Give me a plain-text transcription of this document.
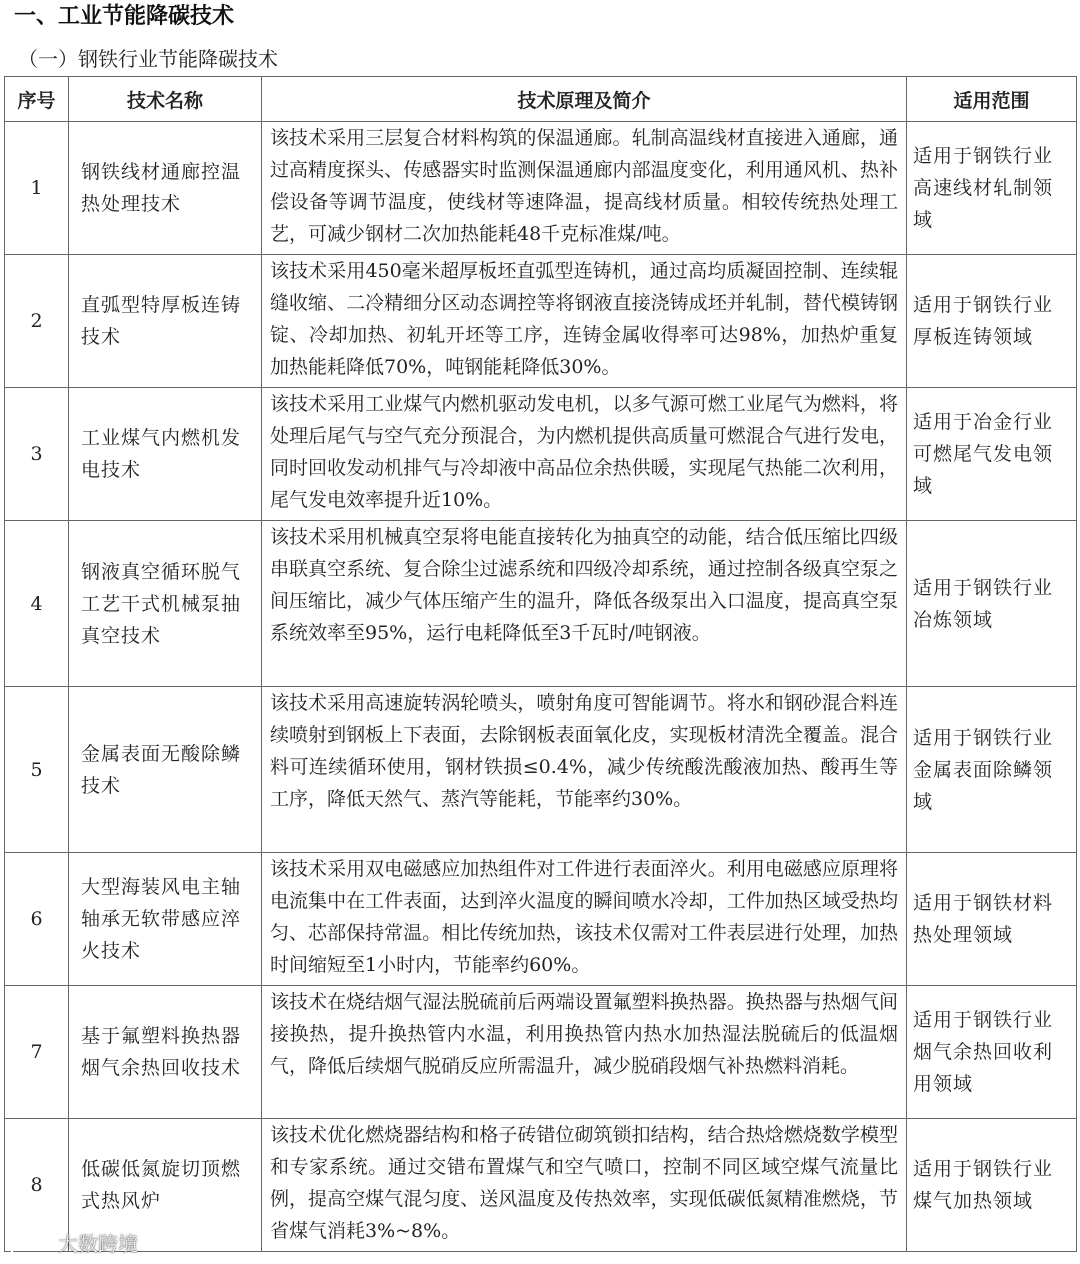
一、工业节能降碳技术
（一）钢铁行业节能降碳技术
序号	技术名称	技术原理及简介	适用范围
1	钢铁线材通廊控温热处理技术	该技术采用三层复合材料构筑的保温通廊。轧制高温线材直接进入通廊，通过高精度探头、传感器实时监测保温通廊内部温度变化，利用通风机、热补偿设备等调节温度，使线材等速降温，提高线材质量。相较传统热处理工艺，可减少钢材二次加热能耗48千克标准煤/吨。	适用于钢铁行业高速线材轧制领域
2	直弧型特厚板连铸技术	该技术采用450毫米超厚板坯直弧型连铸机，通过高均质凝固控制、连续辊缝收缩、二冷精细分区动态调控等将钢液直接浇铸成坯并轧制，替代模铸钢锭、冷却加热、初轧开坯等工序，连铸金属收得率可达98%，加热炉重复加热能耗降低70%，吨钢能耗降低30%。	适用于钢铁行业厚板连铸领域
3	工业煤气内燃机发电技术	该技术采用工业煤气内燃机驱动发电机，以多气源可燃工业尾气为燃料，将处理后尾气与空气充分预混合，为内燃机提供高质量可燃混合气进行发电，同时回收发动机排气与冷却液中高品位余热供暖，实现尾气热能二次利用，尾气发电效率提升近10%。	适用于冶金行业可燃尾气发电领域
4	钢液真空循环脱气工艺干式机械泵抽真空技术	该技术采用机械真空泵将电能直接转化为抽真空的动能，结合低压缩比四级串联真空系统、复合除尘过滤系统和四级冷却系统，通过控制各级真空泵之间压缩比，减少气体压缩产生的温升，降低各级泵出入口温度，提高真空泵系统效率至95%，运行电耗降低至3千瓦时/吨钢液。	适用于钢铁行业冶炼领域
5	金属表面无酸除鳞技术	该技术采用高速旋转涡轮喷头，喷射角度可智能调节。将水和钢砂混合料连续喷射到钢板上下表面，去除钢板表面氧化皮，实现板材清洗全覆盖。混合料可连续循环使用，钢材铁损≤0.4%，减少传统酸洗酸液加热、酸再生等工序，降低天然气、蒸汽等能耗，节能率约30%。	适用于钢铁行业金属表面除鳞领域
6	大型海装风电主轴轴承无软带感应淬火技术	该技术采用双电磁感应加热组件对工件进行表面淬火。利用电磁感应原理将电流集中在工件表面，达到淬火温度的瞬间喷水冷却，工件加热区域受热均匀、芯部保持常温。相比传统加热，该技术仅需对工件表层进行处理，加热时间缩短至1小时内，节能率约60%。	适用于钢铁材料热处理领域
7	基于氟塑料换热器烟气余热回收技术	该技术在烧结烟气湿法脱硫前后两端设置氟塑料换热器。换热器与热烟气间接换热，提升换热管内水温，利用换热管内热水加热湿法脱硫后的低温烟气，降低后续烟气脱硝反应所需温升，减少脱硝段烟气补热燃料消耗。	适用于钢铁行业烟气余热回收利用领域
8	低碳低氮旋切顶燃式热风炉	该技术优化燃烧器结构和格子砖错位砌筑锁扣结构，结合热焓燃烧数学模型和专家系统。通过交错布置煤气和空气喷口，控制不同区域空煤气流量比例，提高空煤气混匀度、送风温度及传热效率，实现低碳低氮精准燃烧，节省煤气消耗3%~8%。	适用于钢铁行业煤气加热领域
大数跨境
